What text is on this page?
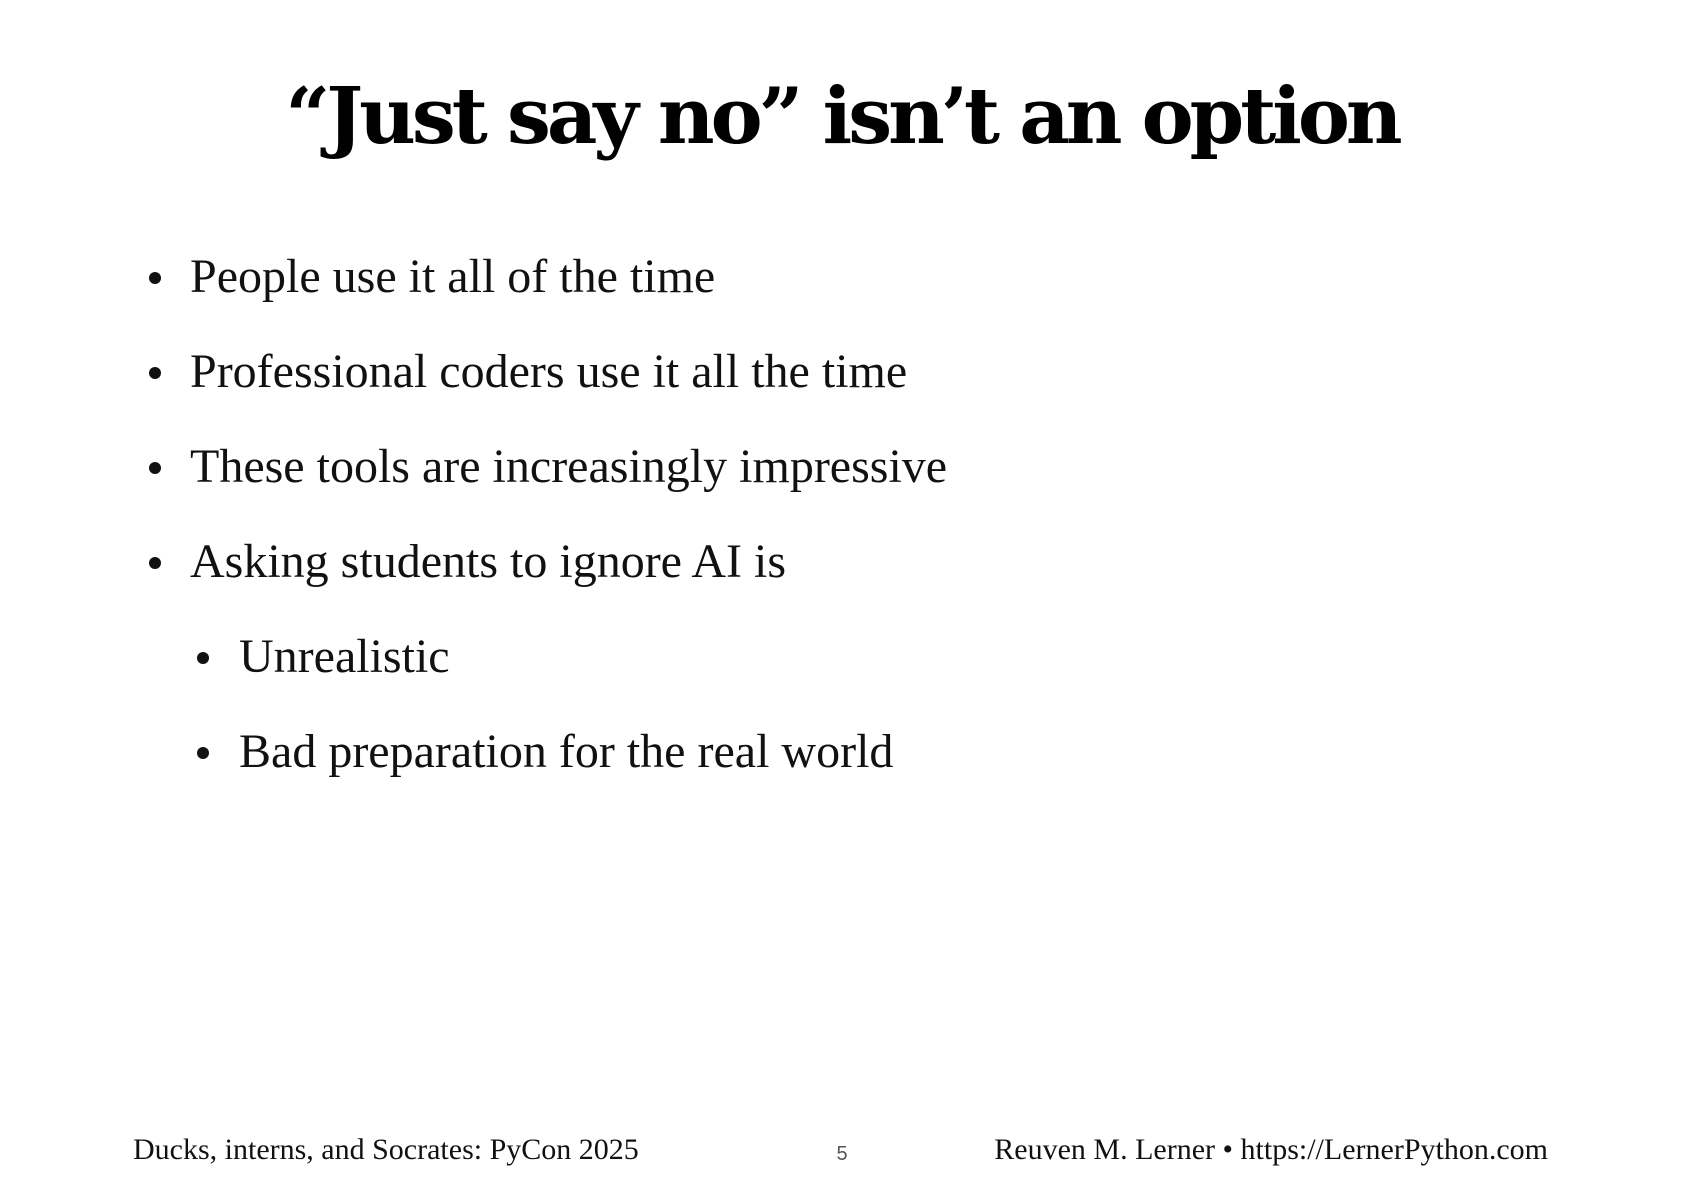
“Just say no” isn’t an option
People use it all of the time
Professional coders use it all the time
These tools are increasingly impressive
Asking students to ignore AI is
Unrealistic
Bad preparation for the real world
Ducks, interns, and Socrates: PyCon 2025	5	Reuven M. Lerner • https://LernerPython.com
